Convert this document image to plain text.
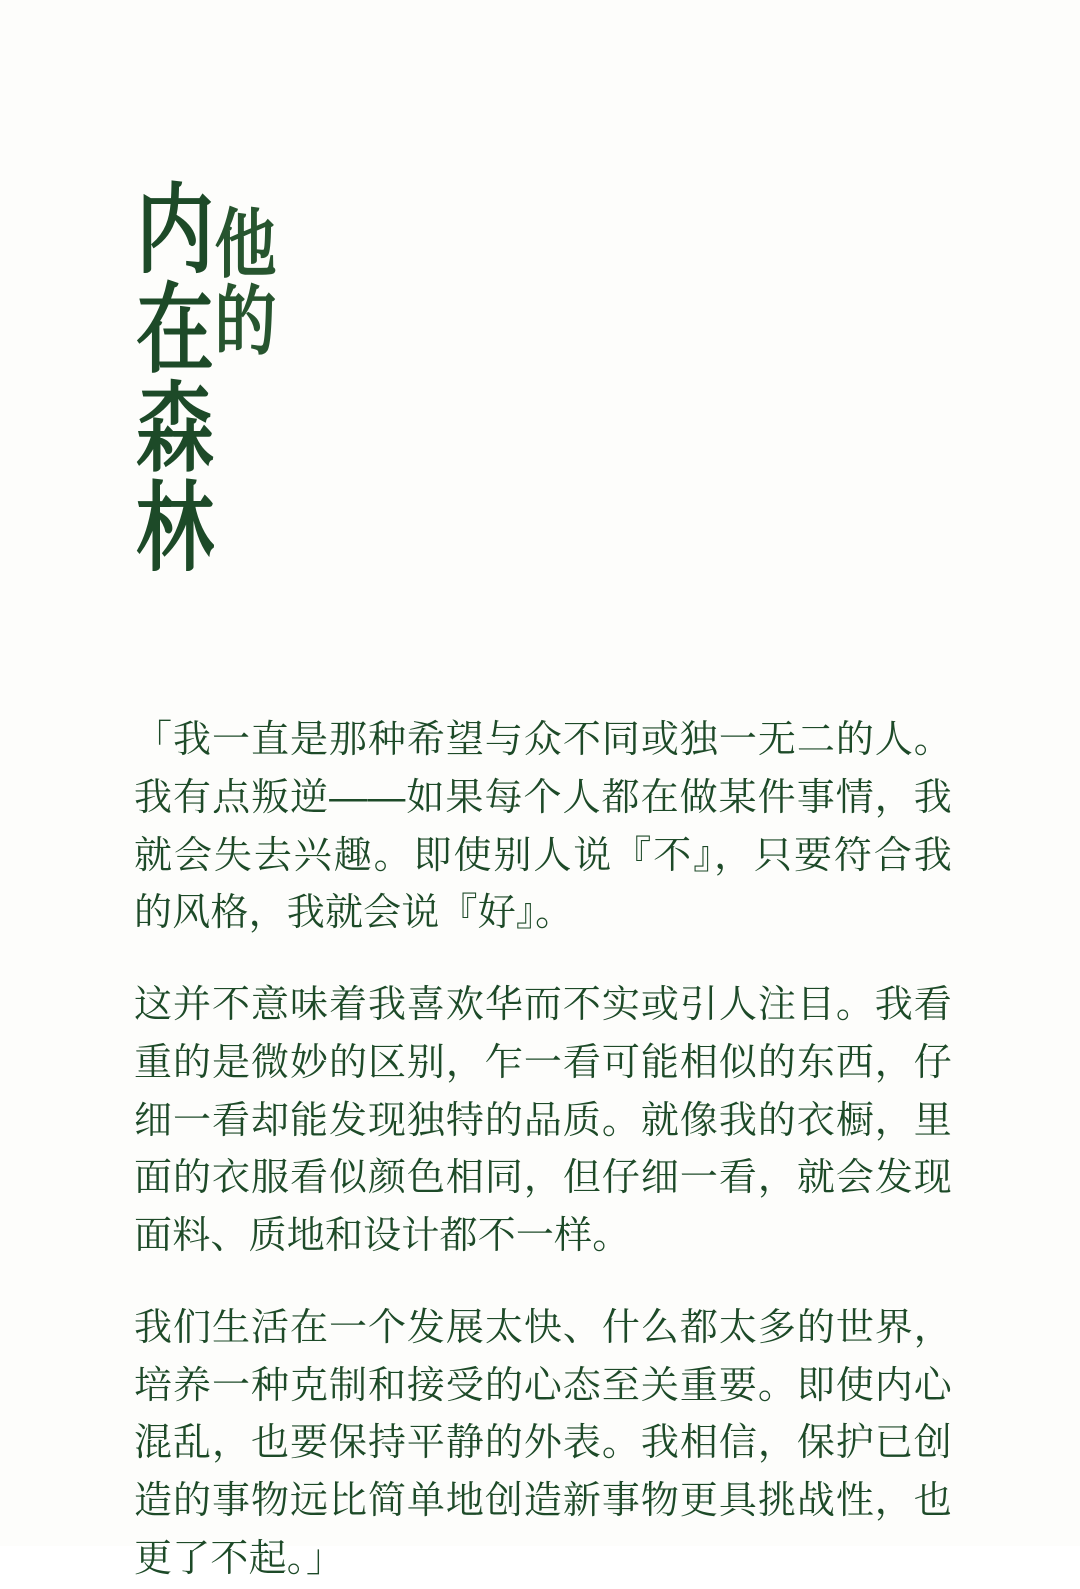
内在森林
他的

「我一直是那种希望与众不同或独一无二的人。我有点叛逆——如果每个人都在做某件事情，我就会失去兴趣。即使别人说『不』，只要符合我的风格，我就会说『好』。

这并不意味着我喜欢华而不实或引人注目。我看重的是微妙的区别，乍一看可能相似的东西，仔细一看却能发现独特的品质。就像我的衣橱，里面的衣服看似颜色相同，但仔细一看，就会发现面料、质地和设计都不一样。

我们生活在一个发展太快、什么都太多的世界，培养一种克制和接受的心态至关重要。即使内心混乱，也要保持平静的外表。我相信，保护已创造的事物远比简单地创造新事物更具挑战性，也更了不起。」
